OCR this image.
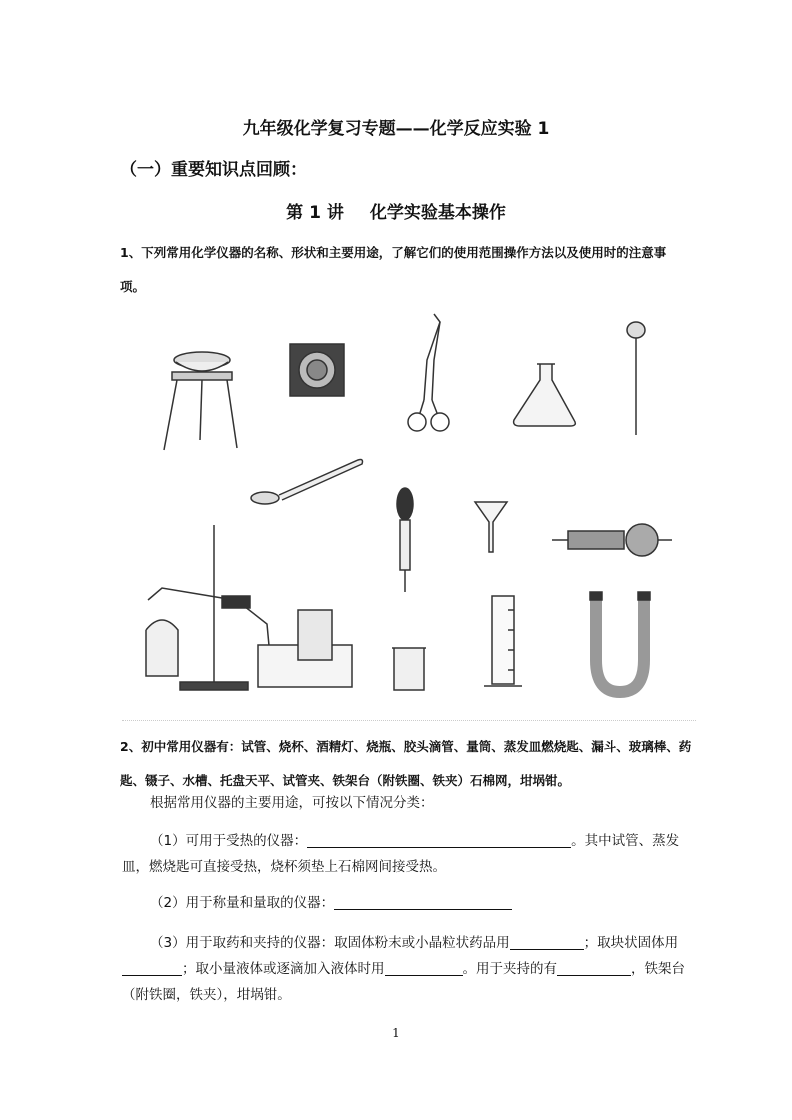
九年级化学复习专题——化学反应实验 1
（一）重要知识点回顾：
第 1 讲 化学实验基本操作
1、下列常用化学仪器的名称、形状和主要用途，了解它们的使用范围操作方法以及使用时的注意事项。
2、初中常用仪器有：试管、烧杯、酒精灯、烧瓶、胶头滴管、量筒、蒸发皿燃烧匙、漏斗、玻璃棒、药匙、镊子、水槽、托盘天平、试管夹、铁架台（附铁圈、铁夹）石棉网，坩埚钳。
根据常用仪器的主要用途，可按以下情况分类：
（1）可用于受热的仪器：	。其中试管、蒸发皿，燃烧匙可直接受热，烧杯须垫上石棉网间接受热。
（2）用于称量和量取的仪器：
（3）用于取药和夹持的仪器：取固体粉末或小晶粒状药品用	；取块状固体用；取小量液体或逐滴加入液体时用	。用于夹持的有	，铁架台（附铁圈，铁夹），坩埚钳。
1
